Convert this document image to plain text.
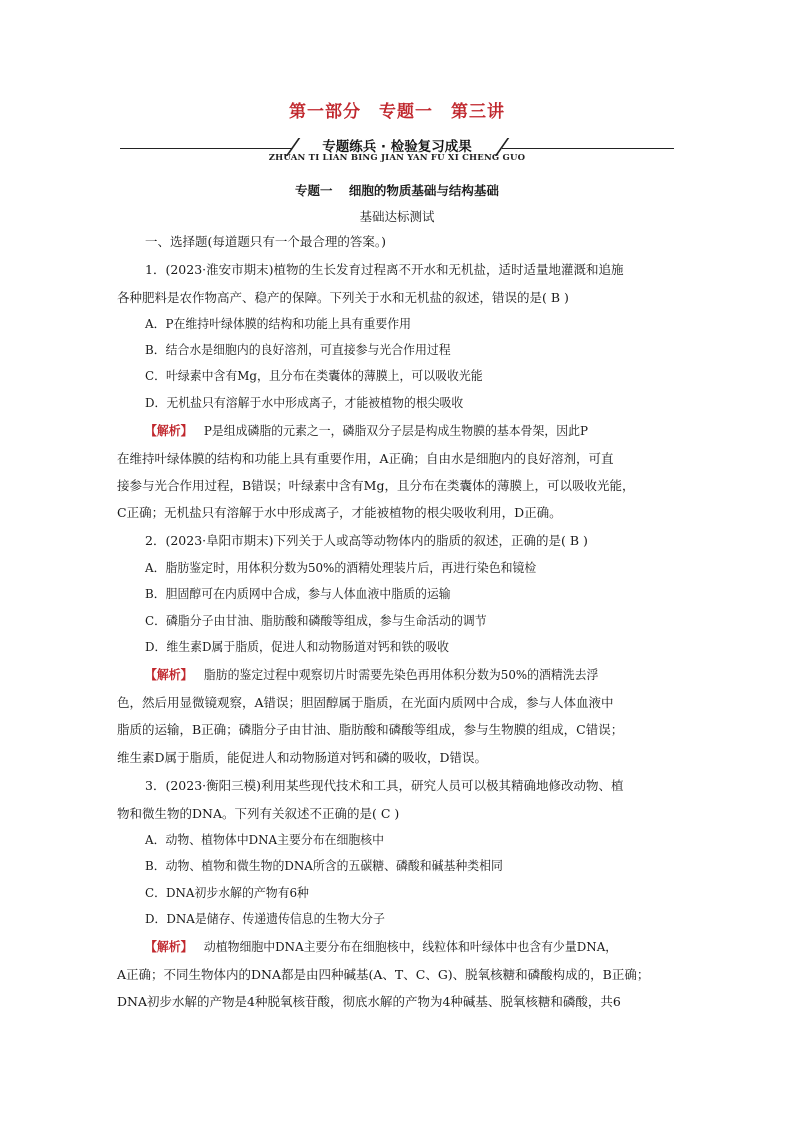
第一部分　专题一　第三讲
专题练兵 · 检验复习成果
ZHUAN TI LIAN BING JIAN YAN FU XI CHENG GUO
专题一 细胞的物质基础与结构基础
基础达标测试
一、选择题(每道题只有一个最合理的答案。)
1．(2023·淮安市期末)植物的生长发育过程离不开水和无机盐，适时适量地灌溉和追施
各种肥料是农作物高产、稳产的保障。下列关于水和无机盐的叙述，错误的是( B )
A．P在维持叶绿体膜的结构和功能上具有重要作用
B．结合水是细胞内的良好溶剂，可直接参与光合作用过程
C．叶绿素中含有Mg，且分布在类囊体的薄膜上，可以吸收光能
D．无机盐只有溶解于水中形成离子，才能被植物的根尖吸收
【解析】 P是组成磷脂的元素之一，磷脂双分子层是构成生物膜的基本骨架，因此P
在维持叶绿体膜的结构和功能上具有重要作用，A正确；自由水是细胞内的良好溶剂，可直
接参与光合作用过程，B错误；叶绿素中含有Mg，且分布在类囊体的薄膜上，可以吸收光能，
C正确；无机盐只有溶解于水中形成离子，才能被植物的根尖吸收利用，D正确。
2．(2023·阜阳市期末)下列关于人或高等动物体内的脂质的叙述，正确的是( B )
A．脂肪鉴定时，用体积分数为50%的酒精处理装片后，再进行染色和镜检
B．胆固醇可在内质网中合成，参与人体血液中脂质的运输
C．磷脂分子由甘油、脂肪酸和磷酸等组成，参与生命活动的调节
D．维生素D属于脂质，促进人和动物肠道对钙和铁的吸收
【解析】 脂肪的鉴定过程中观察切片时需要先染色再用体积分数为50%的酒精洗去浮
色，然后用显微镜观察，A错误；胆固醇属于脂质，在光面内质网中合成，参与人体血液中
脂质的运输，B正确；磷脂分子由甘油、脂肪酸和磷酸等组成，参与生物膜的组成，C错误；
维生素D属于脂质，能促进人和动物肠道对钙和磷的吸收，D错误。
3．(2023·衡阳三模)利用某些现代技术和工具，研究人员可以极其精确地修改动物、植
物和微生物的DNA。下列有关叙述不正确的是( C )
A．动物、植物体中DNA主要分布在细胞核中
B．动物、植物和微生物的DNA所含的五碳糖、磷酸和碱基种类相同
C．DNA初步水解的产物有6种
D．DNA是储存、传递遗传信息的生物大分子
【解析】 动植物细胞中DNA主要分布在细胞核中，线粒体和叶绿体中也含有少量DNA，
A正确；不同生物体内的DNA都是由四种碱基(A、T、C、G)、脱氧核糖和磷酸构成的，B正确；
DNA初步水解的产物是4种脱氧核苷酸，彻底水解的产物为4种碱基、脱氧核糖和磷酸，共6
